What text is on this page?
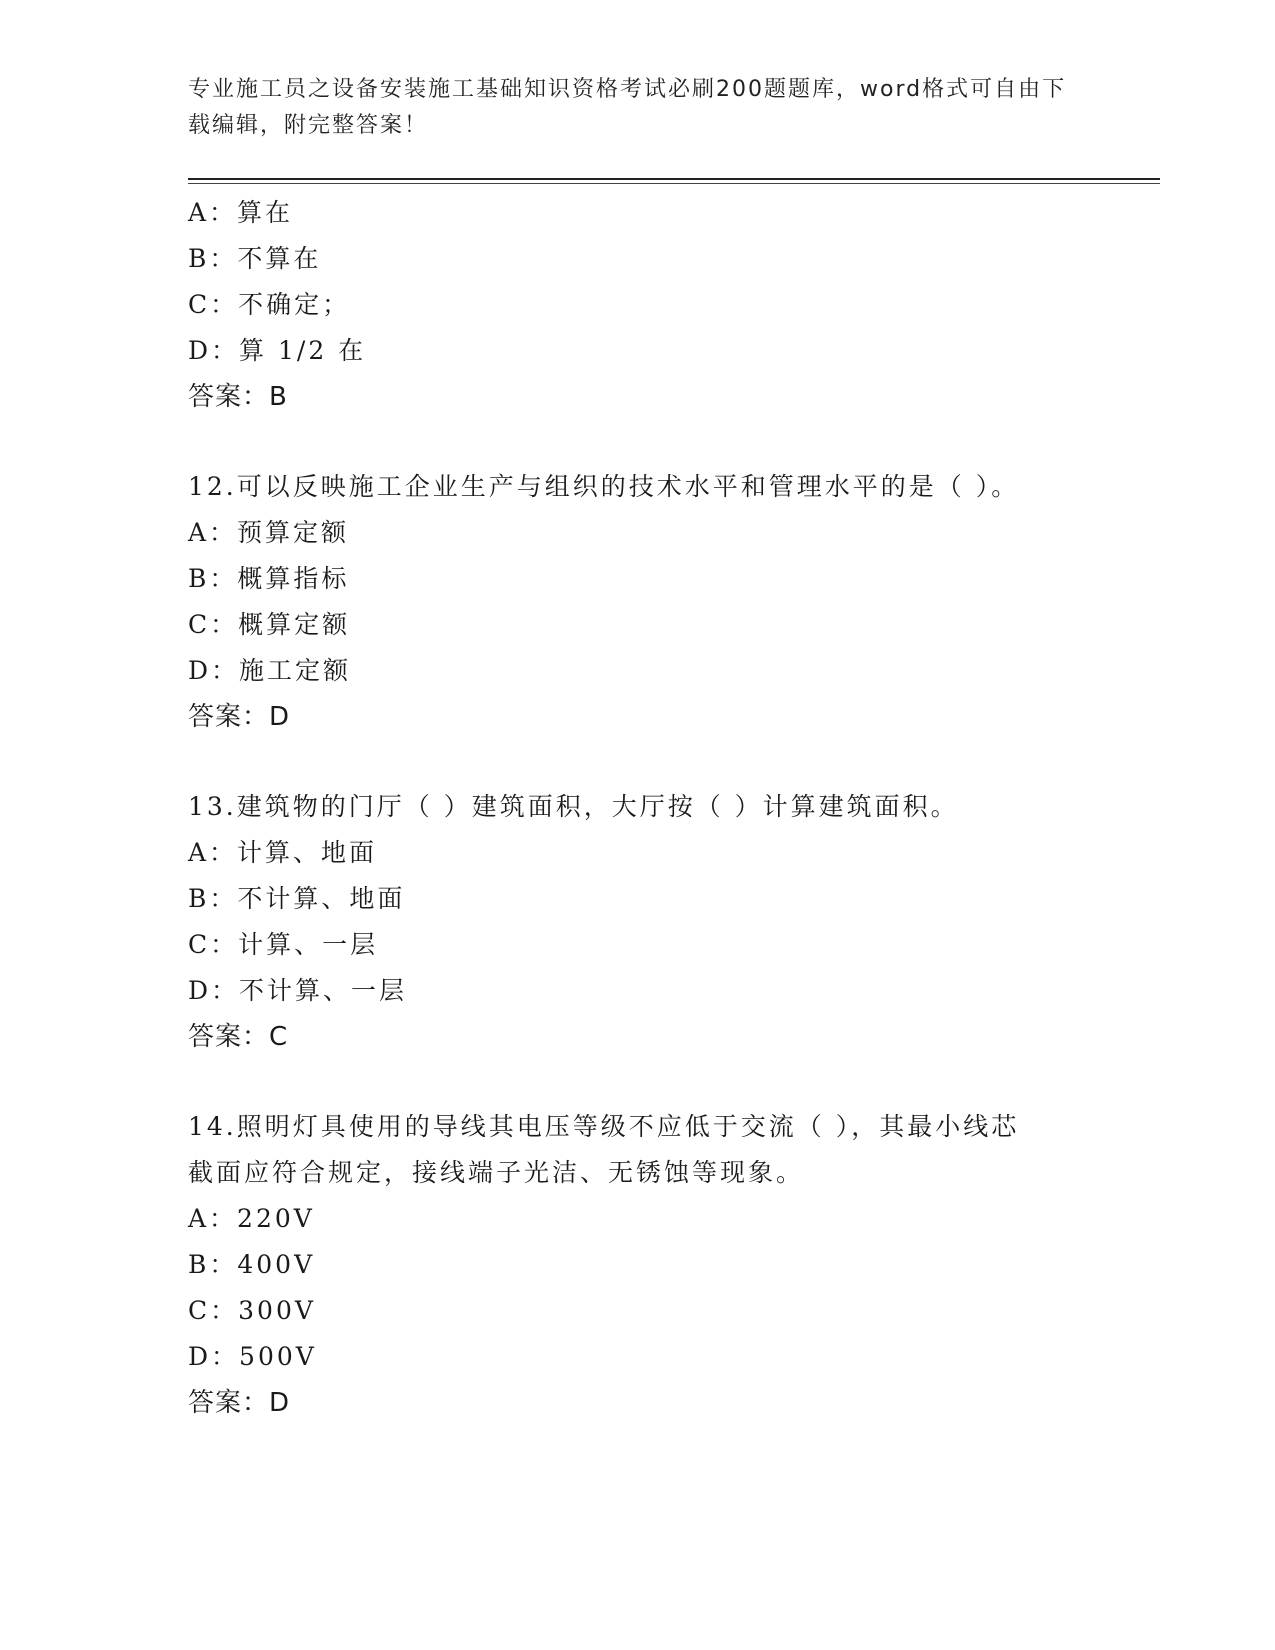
专业施工员之设备安装施工基础知识资格考试必刷200题题库，word格式可自由下载编辑，附完整答案！
A：算在
B：不算在
C：不确定；
D：算 1/2 在
答案：B
12.可以反映施工企业生产与组织的技术水平和管理水平的是（ ）。
A：预算定额
B：概算指标
C：概算定额
D：施工定额
答案：D
13.建筑物的门厅（ ）建筑面积，大厅按（ ）计算建筑面积。
A：计算、地面
B：不计算、地面
C：计算、一层
D：不计算、一层
答案：C
14.照明灯具使用的导线其电压等级不应低于交流（ ），其最小线芯
截面应符合规定，接线端子光洁、无锈蚀等现象。
A：220V
B：400V
C：300V
D：500V
答案：D
